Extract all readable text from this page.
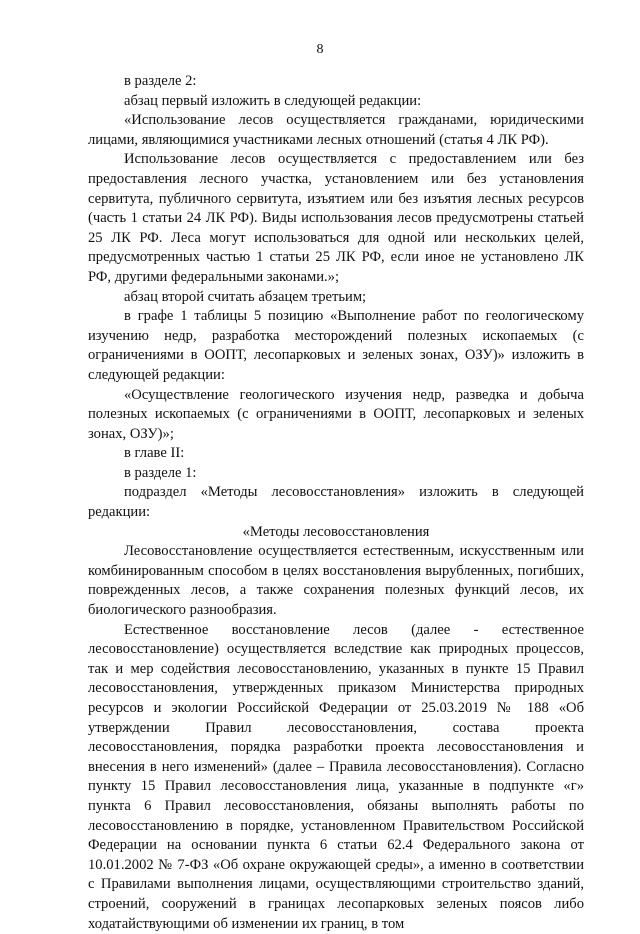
8

в разделе 2:

абзац первый изложить в следующей редакции:

«Использование лесов осуществляется гражданами, юридическими лицами, являющимися участниками лесных отношений (статья 4 ЛК РФ).

Использование лесов осуществляется с предоставлением или без предоставления лесного участка, установлением или без установления сервитута, публичного сервитута, изъятием или без изъятия лесных ресурсов (часть 1 статьи 24 ЛК РФ). Виды использования лесов предусмотрены статьей 25 ЛК РФ. Леса могут использоваться для одной или нескольких целей, предусмотренных частью 1 статьи 25 ЛК РФ, если иное не установлено ЛК РФ, другими федеральными законами.»;

абзац второй считать абзацем третьим;

в графе 1 таблицы 5 позицию «Выполнение работ по геологическому изучению недр, разработка месторождений полезных ископаемых (с ограничениями в ООПТ, лесопарковых и зеленых зонах, ОЗУ)» изложить в следующей редакции:

«Осуществление геологического изучения недр, разведка и добыча полезных ископаемых (с ограничениями в ООПТ, лесопарковых и зеленых зонах, ОЗУ)»;

в главе II:

в разделе 1:

подраздел «Методы лесовосстановления» изложить в следующей редакции:

«Методы лесовосстановления

Лесовосстановление осуществляется естественным, искусственным или комбинированным способом в целях восстановления вырубленных, погибших, поврежденных лесов, а также сохранения полезных функций лесов, их биологического разнообразия.

Естественное восстановление лесов (далее - естественное лесовосстановление) осуществляется вследствие как природных процессов, так и мер содействия лесовосстановлению, указанных в пункте 15 Правил лесовосстановления, утвержденных приказом Министерства природных ресурсов и экологии Российской Федерации от 25.03.2019 № 188 «Об утверждении Правил лесовосстановления, состава проекта лесовосстановления, порядка разработки проекта лесовосстановления и внесения в него изменений» (далее – Правила лесовосстановления). Согласно пункту 15 Правил лесовосстановления лица, указанные в подпункте «г» пункта 6 Правил лесовосстановления, обязаны выполнять работы по лесовосстановлению в порядке, установленном Правительством Российской Федерации на основании пункта 6 статьи 62.4 Федерального закона от 10.01.2002 № 7-ФЗ «Об охране окружающей среды», а именно в соответствии с Правилами выполнения лицами, осуществляющими строительство зданий, строений, сооружений в границах лесопарковых зеленых поясов либо ходатайствующими об изменении их границ, в том
